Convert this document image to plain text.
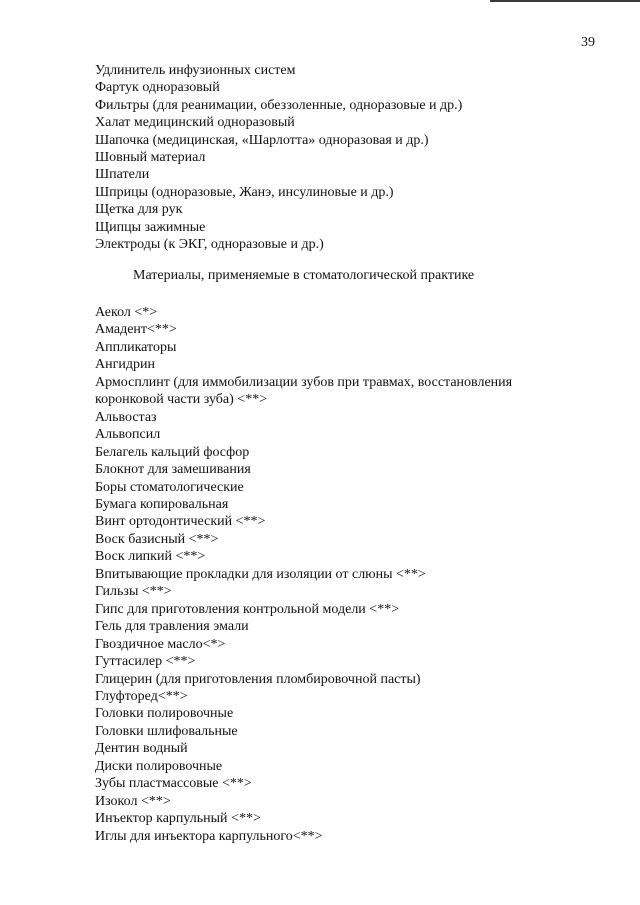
39
Удлинитель инфузионных систем
Фартук одноразовый
Фильтры (для реанимации, обеззоленные, одноразовые и др.)
Халат медицинский одноразовый
Шапочка (медицинская, «Шарлотта» одноразовая и др.)
Шовный материал
Шпатели
Шприцы (одноразовые, Жанэ, инсулиновые и др.)
Щетка для рук
Щипцы зажимные
Электроды (к ЭКГ, одноразовые и др.)
Материалы, применяемые в стоматологической практике
Аекол <*>
Амадент<**>
Аппликаторы
Ангидрин
Армосплинт (для иммобилизации зубов при травмах, восстановления коронковой части зуба) <**>
Альвостаз
Альвопсил
Белагель кальций фосфор
Блокнот для замешивания
Боры стоматологические
Бумага копировальная
Винт ортодонтический <**>
Воск базисный <**>
Воск липкий <**>
Впитывающие прокладки для изоляции от слюны <**>
Гильзы <**>
Гипс для приготовления контрольной модели <**>
Гель для травления эмали
Гвоздичное масло<*>
Гуттасилер <**>
Глицерин (для приготовления пломбировочной пасты)
Глуфторед<**>
Головки полировочные
Головки шлифовальные
Дентин водный
Диски полировочные
Зубы пластмассовые <**>
Изокол <**>
Инъектор карпульный <**>
Иглы для инъектора карпульного<**>
